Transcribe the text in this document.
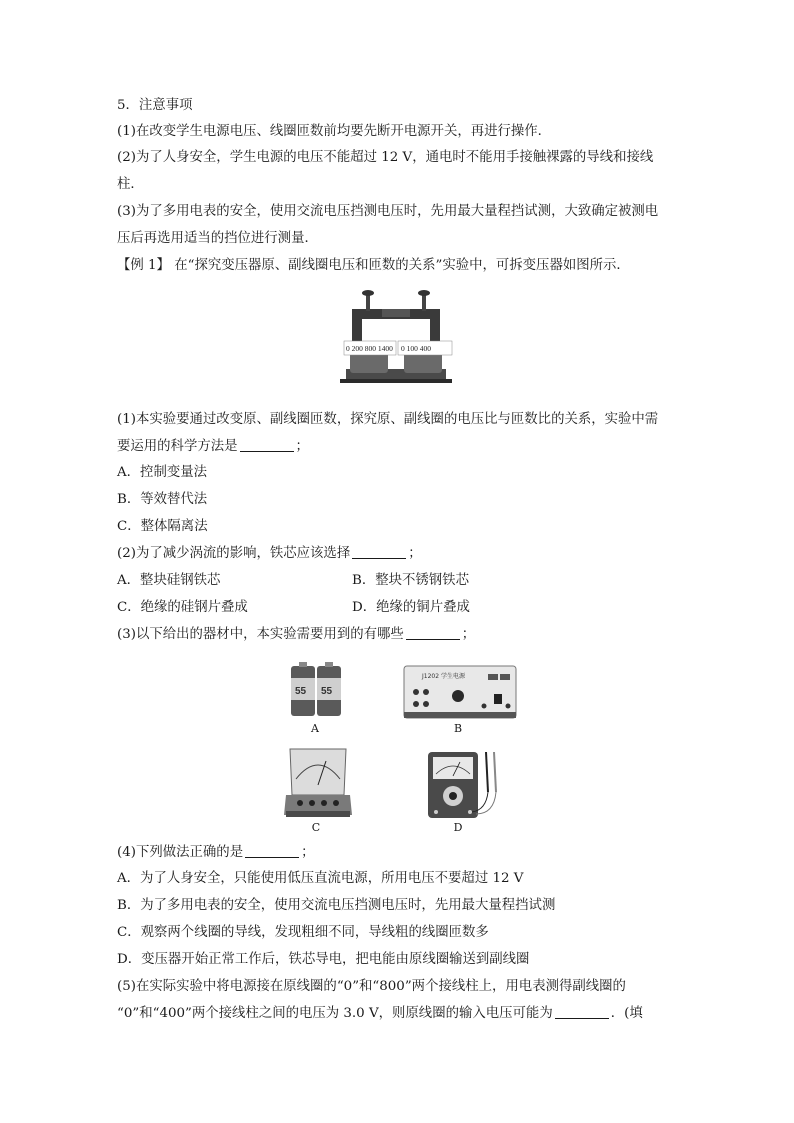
5．注意事项
(1)在改变学生电源电压、线圈匝数前均要先断开电源开关，再进行操作．
(2)为了人身安全，学生电源的电压不能超过 12 V，通电时不能用手接触裸露的导线和接线
柱．
(3)为了多用电表的安全，使用交流电压挡测电压时，先用最大量程挡试测，大致确定被测电
压后再选用适当的挡位进行测量．
【例 1】 在“探究变压器原、副线圈电压和匝数的关系”实验中，可拆变压器如图所示．
0 200 800 1400 0 100 400
(1)本实验要通过改变原、副线圈匝数，探究原、副线圈的电压比与匝数比的关系，实验中需
要运用的科学方法是	；
A．控制变量法
B．等效替代法
C．整体隔离法
(2)为了减少涡流的影响，铁芯应该选择	；
A．整块硅钢铁芯	B．整块不锈钢铁芯
C．绝缘的硅钢片叠成	D．绝缘的铜片叠成
(3)以下给出的器材中，本实验需要用到的有哪些	；
55 55
A
J1202 学生电源
B
C	D
(4)下列做法正确的是	；
A．为了人身安全，只能使用低压直流电源，所用电压不要超过 12 V
B．为了多用电表的安全，使用交流电压挡测电压时，先用最大量程挡试测
C．观察两个线圈的导线，发现粗细不同，导线粗的线圈匝数多
D．变压器开始正常工作后，铁芯导电，把电能由原线圈输送到副线圈
(5)在实际实验中将电源接在原线圈的“0”和“800”两个接线柱上，用电表测得副线圈的
“0”和“400”两个接线柱之间的电压为 3.0 V，则原线圈的输入电压可能为	．(填
